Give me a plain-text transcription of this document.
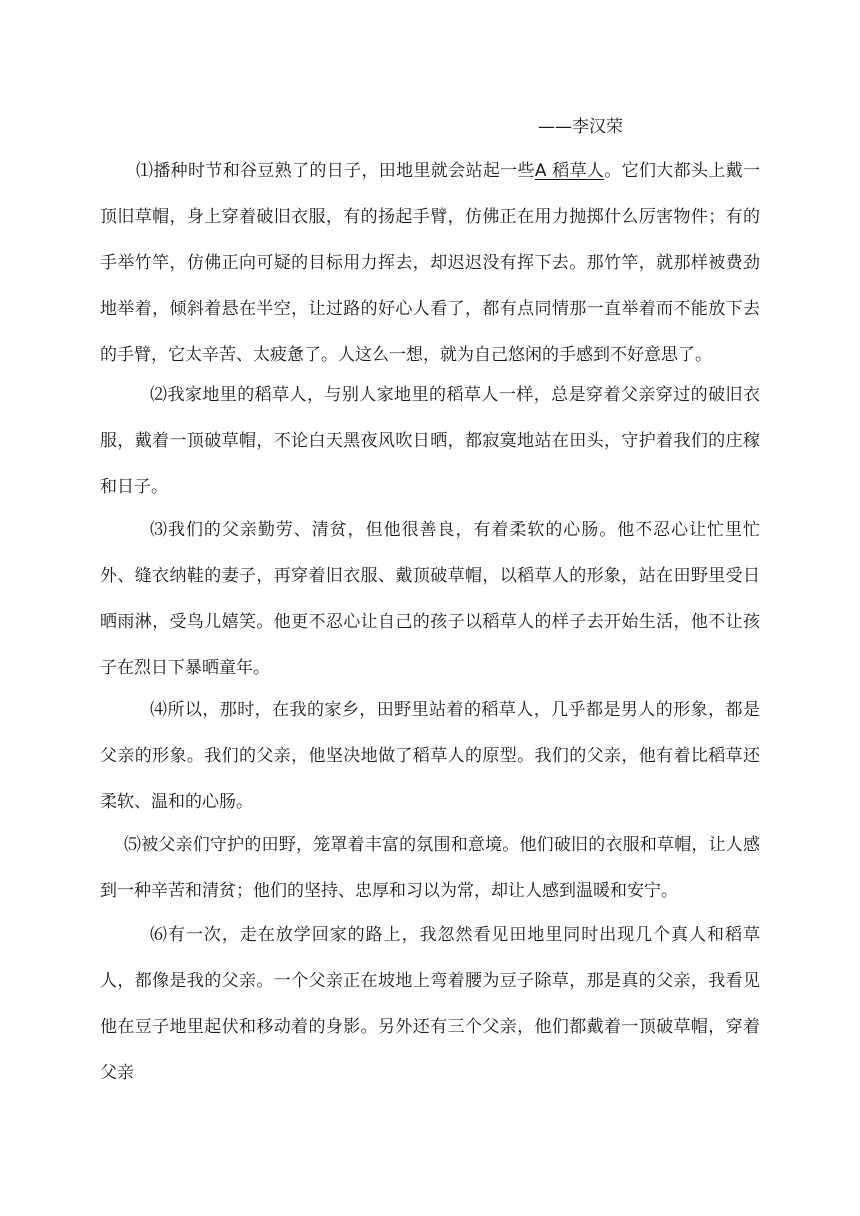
——李汉荣

⑴播种时节和谷豆熟了的日子，田地里就会站起一些A 稻草人。它们大都头上戴一顶旧草帽，身上穿着破旧衣服，有的扬起手臂，仿佛正在用力抛掷什么厉害物件；有的手举竹竿，仿佛正向可疑的目标用力挥去，却迟迟没有挥下去。那竹竿，就那样被费劲地举着，倾斜着悬在半空，让过路的好心人看了，都有点同情那一直举着而不能放下去的手臂，它太辛苦、太疲惫了。人这么一想，就为自己悠闲的手感到不好意思了。

⑵我家地里的稻草人，与别人家地里的稻草人一样，总是穿着父亲穿过的破旧衣服，戴着一顶破草帽，不论白天黑夜风吹日晒，都寂寞地站在田头，守护着我们的庄稼和日子。

⑶我们的父亲勤劳、清贫，但他很善良，有着柔软的心肠。他不忍心让忙里忙外、缝衣纳鞋的妻子，再穿着旧衣服、戴顶破草帽，以稻草人的形象，站在田野里受日晒雨淋，受鸟儿嬉笑。他更不忍心让自己的孩子以稻草人的样子去开始生活，他不让孩子在烈日下暴晒童年。

⑷所以，那时，在我的家乡，田野里站着的稻草人，几乎都是男人的形象，都是父亲的形象。我们的父亲，他坚决地做了稻草人的原型。我们的父亲，他有着比稻草还柔软、温和的心肠。

⑸被父亲们守护的田野，笼罩着丰富的氛围和意境。他们破旧的衣服和草帽，让人感到一种辛苦和清贫；他们的坚持、忠厚和习以为常，却让人感到温暖和安宁。

⑹有一次，走在放学回家的路上，我忽然看见田地里同时出现几个真人和稻草人，都像是我的父亲。一个父亲正在坡地上弯着腰为豆子除草，那是真的父亲，我看见他在豆子地里起伏和移动着的身影。另外还有三个父亲，他们都戴着一顶破草帽，穿着父亲
